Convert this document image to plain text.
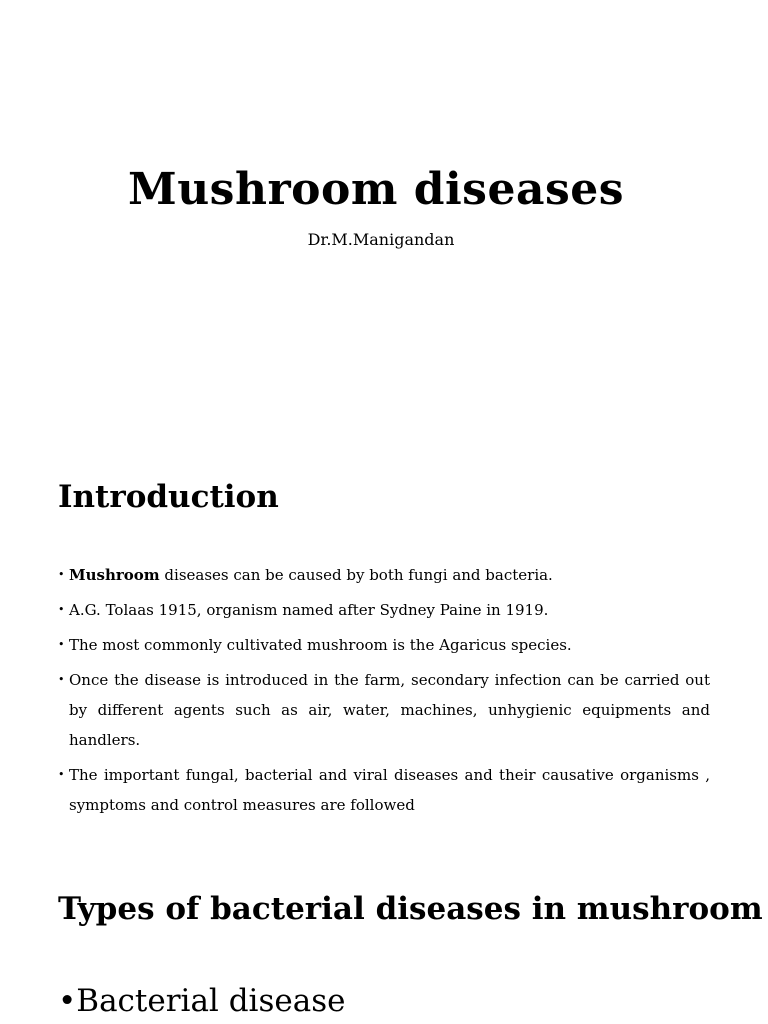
Mushroom diseases
Dr.M.Manigandan
Introduction
• Mushroom diseases can be caused by both fungi and bacteria.
• A.G. Tolaas 1915, organism named after Sydney Paine in 1919.
• The most commonly cultivated mushroom is the Agaricus species.
• Once the disease is introduced in the farm, secondary infection can be carried out by different agents such as air, water, machines, unhygienic equipments and handlers.
• The important fungal, bacterial and viral diseases and their causative organisms , symptoms and control measures are followed
Types of bacterial diseases in mushroom
•Bacterial disease
